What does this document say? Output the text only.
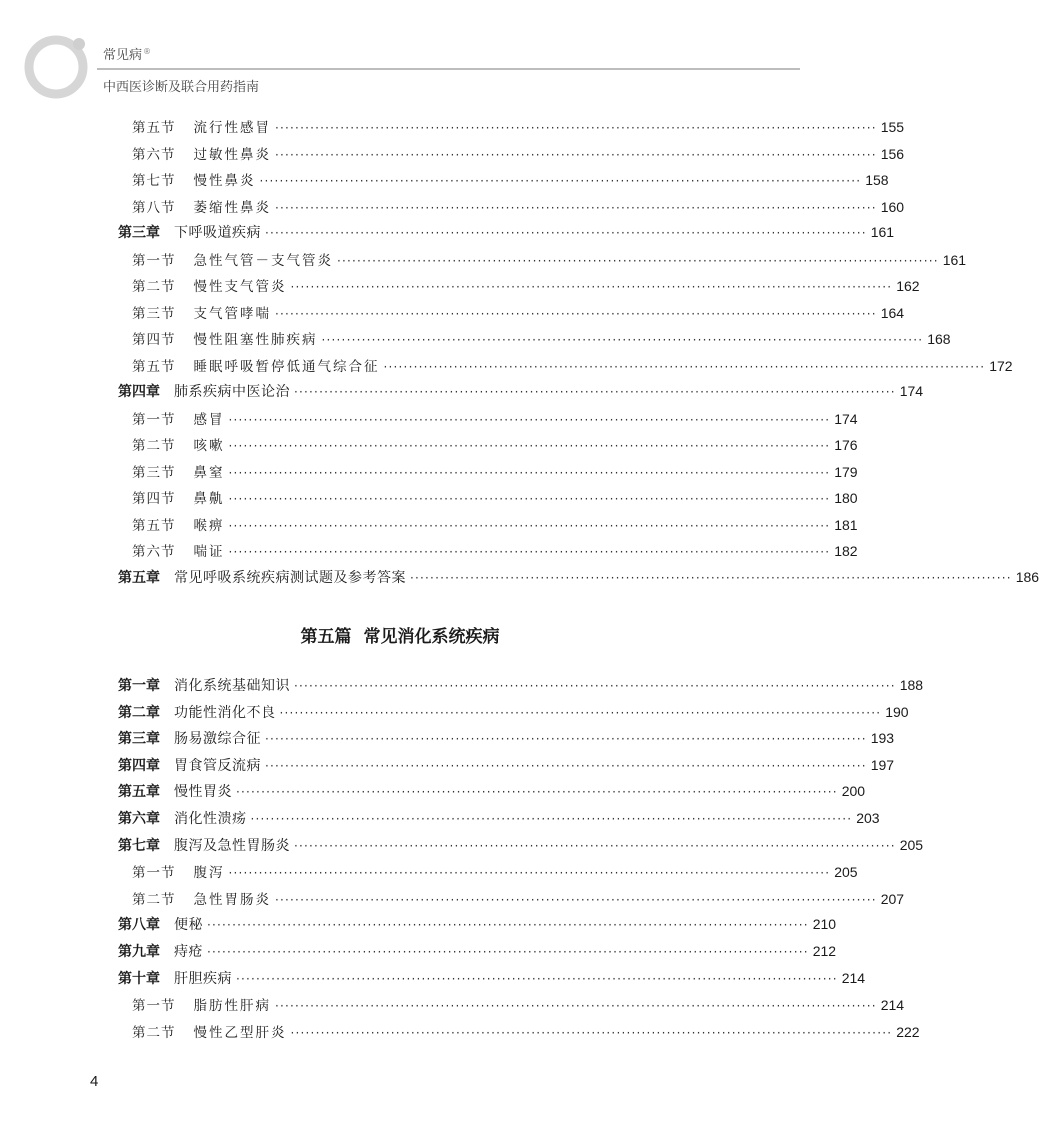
常见病®
中西医诊断及联合用药指南
第五节 流行性感冒 ························································································································ 155
第六节 过敏性鼻炎 ························································································································ 156
第七节 慢性鼻炎 ························································································································ 158
第八节 萎缩性鼻炎 ························································································································ 160
第三章 下呼吸道疾病 ························································································································ 161
第一节 急性气管－支气管炎 ························································································································ 161
第二节 慢性支气管炎 ························································································································ 162
第三节 支气管哮喘 ························································································································ 164
第四节 慢性阻塞性肺疾病 ························································································································ 168
第五节 睡眠呼吸暂停低通气综合征 ························································································································ 172
第四章 肺系疾病中医论治 ························································································································ 174
第一节 感冒 ························································································································ 174
第二节 咳嗽 ························································································································ 176
第三节 鼻窒 ························································································································ 179
第四节 鼻鼽 ························································································································ 180
第五节 喉痹 ························································································································ 181
第六节 喘证 ························································································································ 182
第五章 常见呼吸系统疾病测试题及参考答案 ························································································································ 186
第五篇 常见消化系统疾病
第一章 消化系统基础知识 ························································································································ 188
第二章 功能性消化不良 ························································································································ 190
第三章 肠易激综合征 ························································································································ 193
第四章 胃食管反流病 ························································································································ 197
第五章 慢性胃炎 ························································································································ 200
第六章 消化性溃疡 ························································································································ 203
第七章 腹泻及急性胃肠炎 ························································································································ 205
第一节 腹泻 ························································································································ 205
第二节 急性胃肠炎 ························································································································ 207
第八章 便秘 ························································································································ 210
第九章 痔疮 ························································································································ 212
第十章 肝胆疾病 ························································································································ 214
第一节 脂肪性肝病 ························································································································ 214
第二节 慢性乙型肝炎 ························································································································ 222
4
